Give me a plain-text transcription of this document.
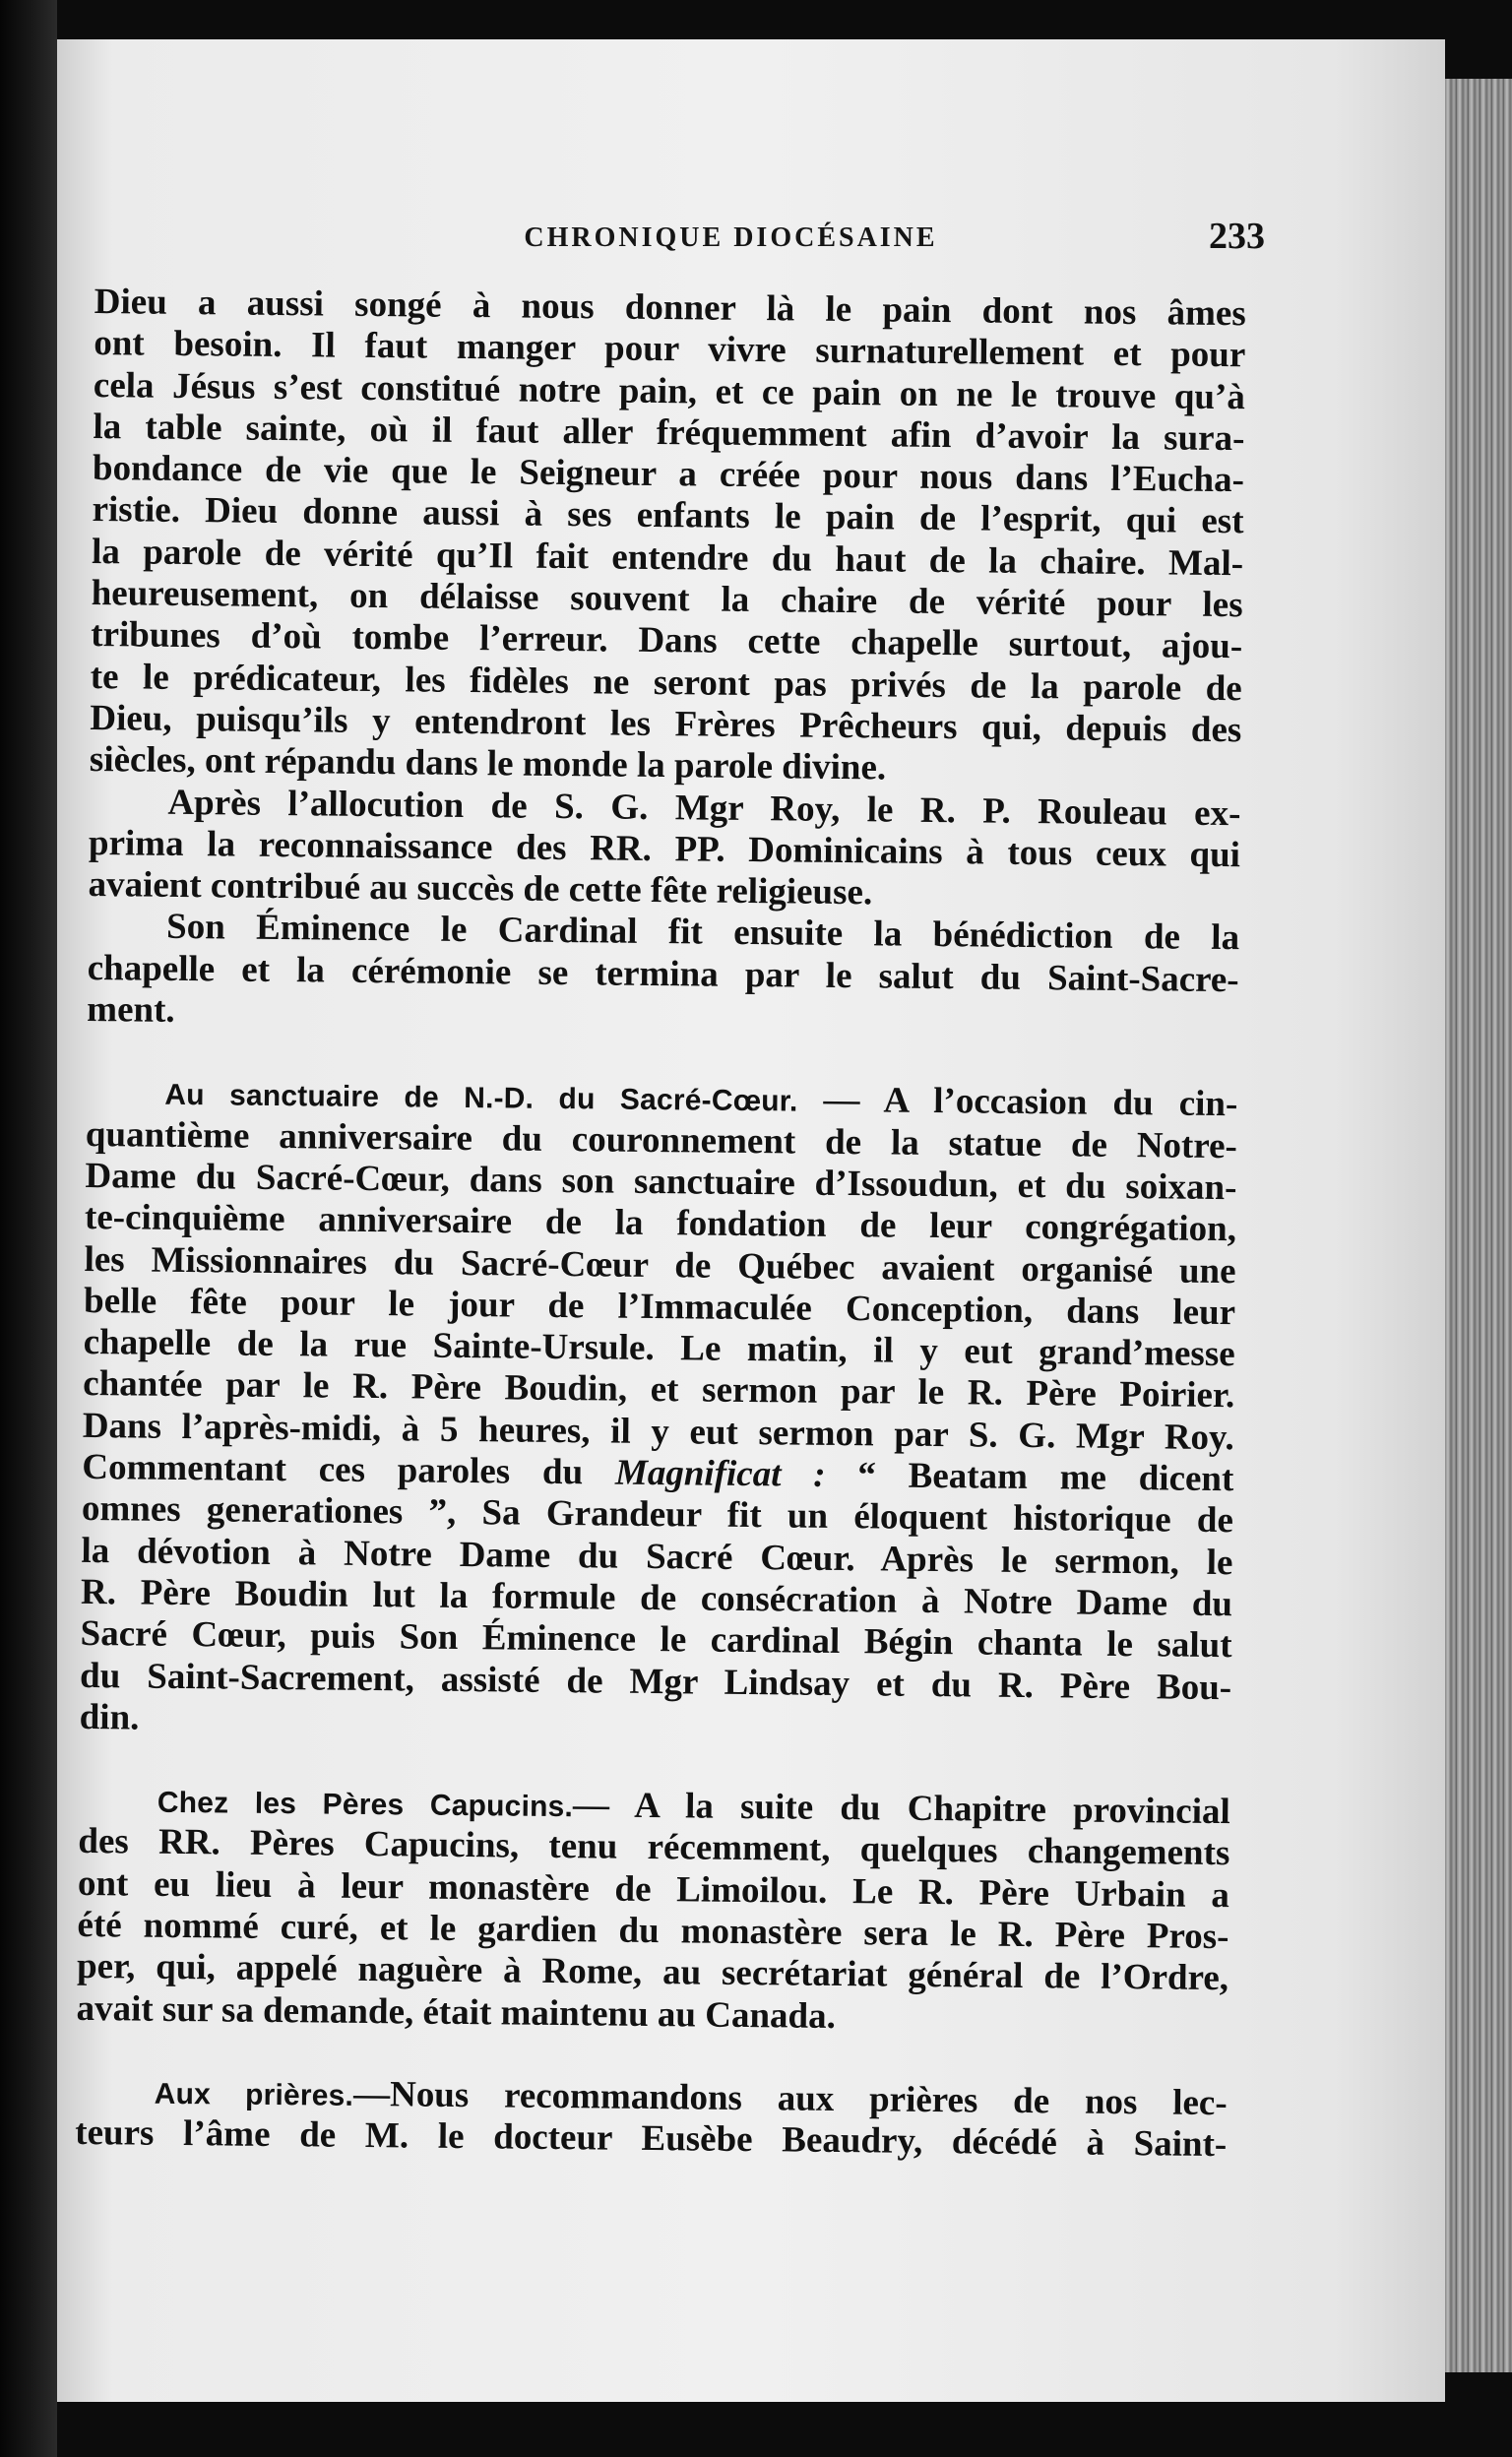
CHRONIQUE DIOCÉSAINE	233
Dieu a aussi songé à nous donner là le pain dont nos âmes
ont besoin. Il faut manger pour vivre surnaturellement et pour
cela Jésus s’est constitué notre pain, et ce pain on ne le trouve qu’à
la table sainte, où il faut aller fréquemment afin d’avoir la sura-
bondance de vie que le Seigneur a créée pour nous dans l’Eucha-
ristie. Dieu donne aussi à ses enfants le pain de l’esprit, qui est
la parole de vérité qu’Il fait entendre du haut de la chaire. Mal-
heureusement, on délaisse souvent la chaire de vérité pour les
tribunes d’où tombe l’erreur. Dans cette chapelle surtout, ajou-
te le prédicateur, les fidèles ne seront pas privés de la parole de
Dieu, puisqu’ils y entendront les Frères Prêcheurs qui, depuis des
siècles, ont répandu dans le monde la parole divine.
Après l’allocution de S. G. Mgr Roy, le R. P. Rouleau ex-
prima la reconnaissance des RR. PP. Dominicains à tous ceux qui
avaient contribué au succès de cette fête religieuse.
Son Éminence le Cardinal fit ensuite la bénédiction de la
chapelle et la cérémonie se termina par le salut du Saint-Sacre-
ment.
Au sanctuaire de N.-D. du Sacré-Cœur. — A l’occasion du cin-
quantième anniversaire du couronnement de la statue de Notre-
Dame du Sacré-Cœur, dans son sanctuaire d’Issoudun, et du soixan-
te-cinquième anniversaire de la fondation de leur congrégation,
les Missionnaires du Sacré-Cœur de Québec avaient organisé une
belle fête pour le jour de l’Immaculée Conception, dans leur
chapelle de la rue Sainte-Ursule. Le matin, il y eut grand’messe
chantée par le R. Père Boudin, et sermon par le R. Père Poirier.
Dans l’après-midi, à 5 heures, il y eut sermon par S. G. Mgr Roy.
Commentant ces paroles du Magnificat : “ Beatam me dicent
omnes generationes ”, Sa Grandeur fit un éloquent historique de
la dévotion à Notre Dame du Sacré Cœur. Après le sermon, le
R. Père Boudin lut la formule de consécration à Notre Dame du
Sacré Cœur, puis Son Éminence le cardinal Bégin chanta le salut
du Saint-Sacrement, assisté de Mgr Lindsay et du R. Père Bou-
din.
Chez les Pères Capucins.— A la suite du Chapitre provincial
des RR. Pères Capucins, tenu récemment, quelques changements
ont eu lieu à leur monastère de Limoilou. Le R. Père Urbain a
été nommé curé, et le gardien du monastère sera le R. Père Pros-
per, qui, appelé naguère à Rome, au secrétariat général de l’Ordre,
avait sur sa demande, était maintenu au Canada.
Aux prières.—Nous recommandons aux prières de nos lec-
teurs l’âme de M. le docteur Eusèbe Beaudry, décédé à Saint-
